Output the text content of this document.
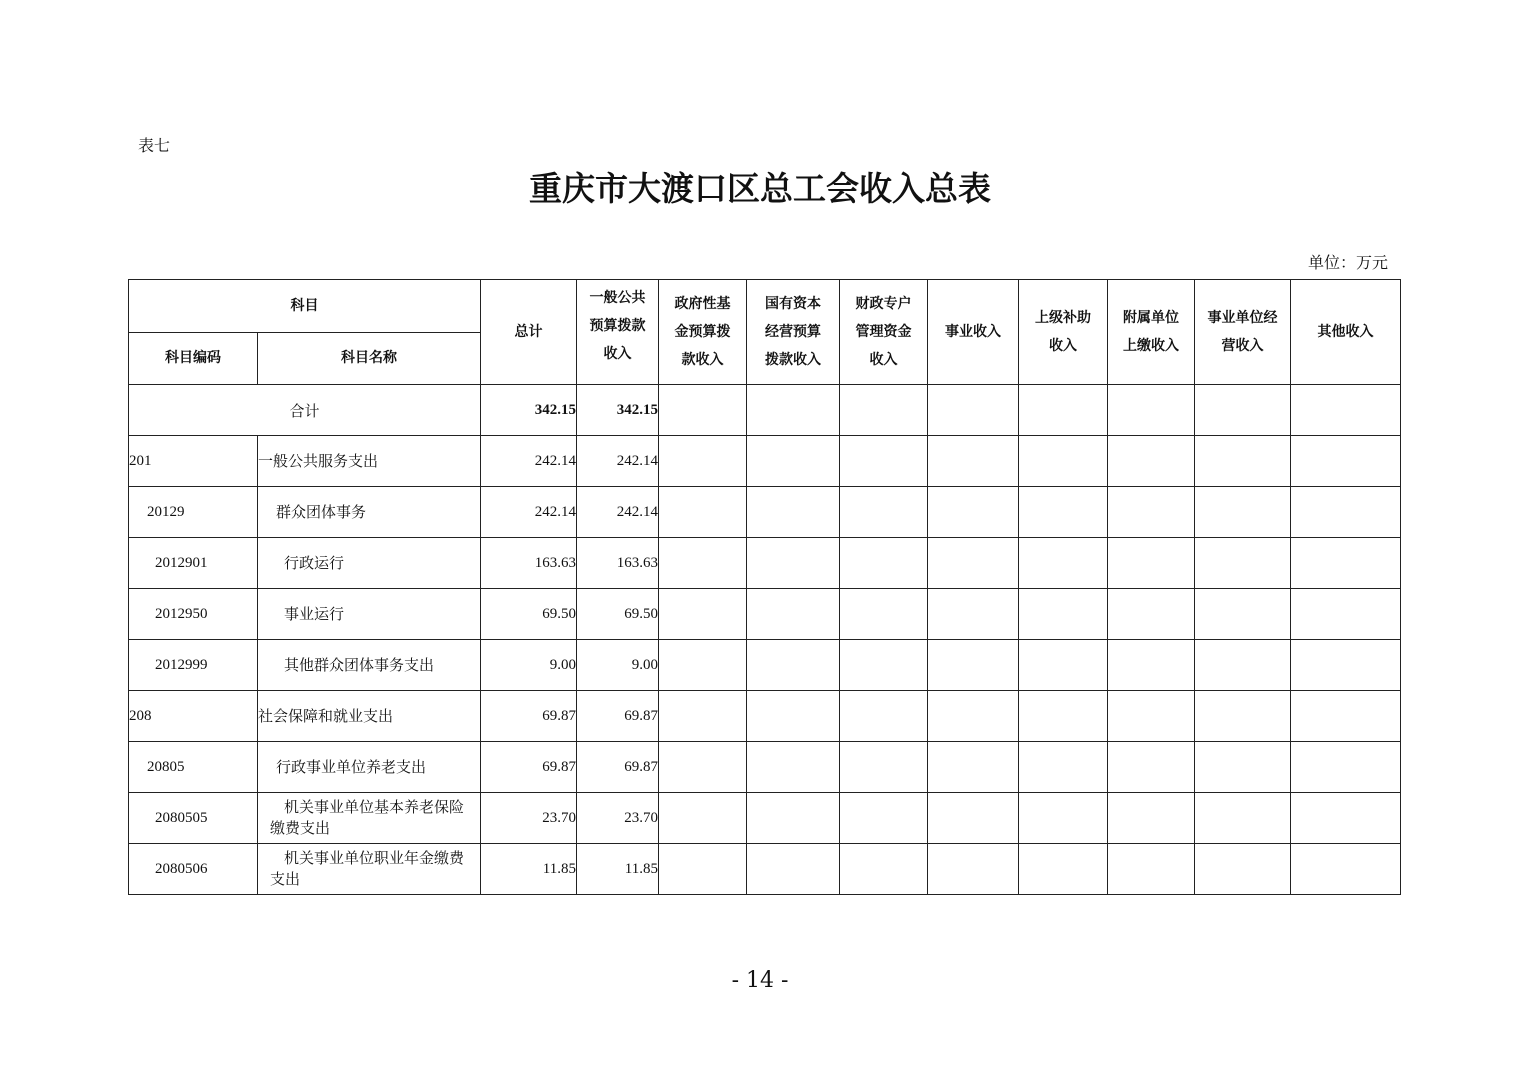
表七
重庆市大渡口区总工会收入总表
单位：万元
科目		总计	一般公共预算拨款收入	政府性基金预算拨款收入	国有资本经营预算拨款收入	财政专户管理资金收入	事业收入	上级补助收入	附属单位上缴收入	事业单位经营收入	其他收入
科目编码	科目名称										
合计		342.15	342.15								
201	一般公共服务支出	242.14	242.14								
20129	群众团体事务	242.14	242.14								
2012901	行政运行	163.63	163.63								
2012950	事业运行	69.50	69.50								
2012999	其他群众团体事务支出	9.00	9.00								
208	社会保障和就业支出	69.87	69.87								
20805	行政事业单位养老支出	69.87	69.87								
2080505	机关事业单位基本养老保险缴费支出	23.70	23.70								
2080506	机关事业单位职业年金缴费支出	11.85	11.85								
- 14 -
